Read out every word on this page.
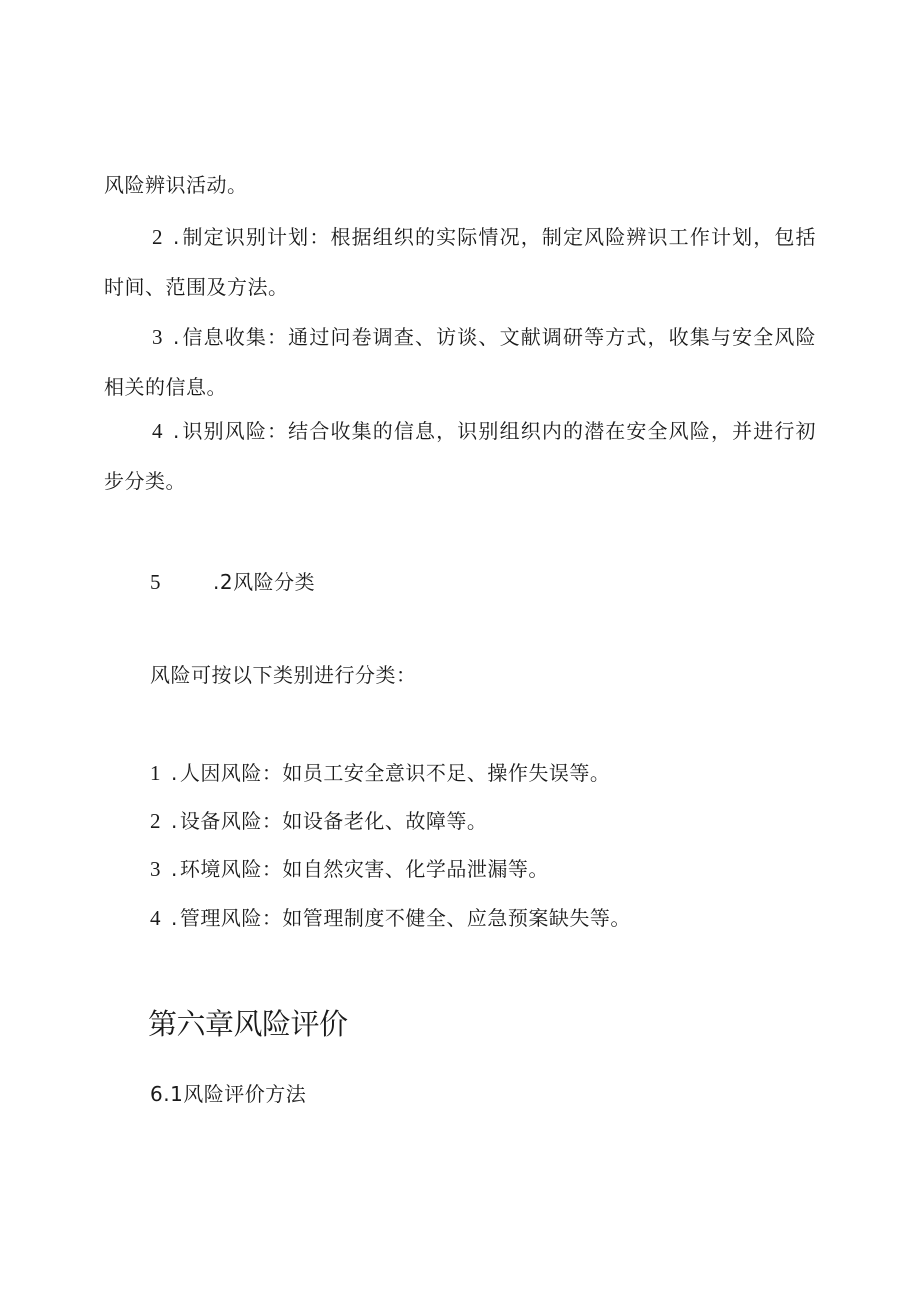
风险辨识活动。
2 . 制定识别计划：根据组织的实际情况，制定风险辨识工作计划，包括时间、范围及方法。
3 . 信息收集：通过问卷调查、访谈、文献调研等方式，收集与安全风险相关的信息。
4 . 识别风险：结合收集的信息，识别组织内的潜在安全风险，并进行初步分类。
5	.2风险分类
风险可按以下类别进行分类：
1 . 人因风险：如员工安全意识不足、操作失误等。
2 . 设备风险：如设备老化、故障等。
3 . 环境风险：如自然灾害、化学品泄漏等。
4 . 管理风险：如管理制度不健全、应急预案缺失等。
第六章风险评价
6.1风险评价方法
